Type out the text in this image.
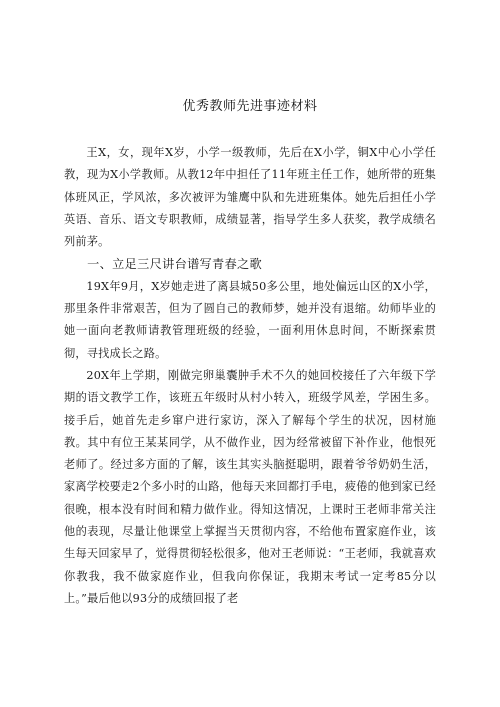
优秀教师先进事迹材料

王X，女，现年X岁，小学一级教师，先后在X小学，铜X中心小学任教，现为X小学教师。从教12年中担任了11年班主任工作，她所带的班集体班风正，学风浓，多次被评为雏鹰中队和先进班集体。她先后担任小学英语、音乐、语文专职教师，成绩显著，指导学生多人获奖，教学成绩名列前茅。

一、立足三尺讲台谱写青春之歌

19X年9月，X岁她走进了离县城50多公里，地处偏远山区的X小学，那里条件非常艰苦，但为了圆自己的教师梦，她并没有退缩。幼师毕业的她一面向老教师请教管理班级的经验，一面利用休息时间，不断探索贯彻，寻找成长之路。

20X年上学期，刚做完卵巢囊肿手术不久的她回校接任了六年级下学期的语文教学工作，该班五年级时从村小转入，班级学风差，学困生多。接手后，她首先走乡窜户进行家访，深入了解每个学生的状况，因材施教。其中有位王某某同学，从不做作业，因为经常被留下补作业，他恨死老师了。经过多方面的了解，该生其实头脑挺聪明，跟着爷爷奶奶生活，家离学校要走2个多小时的山路，他每天来回都打手电，疲倦的他到家已经很晚，根本没有时间和精力做作业。得知这情况，上课时王老师非常关注他的表现，尽量让他课堂上掌握当天贯彻内容，不给他布置家庭作业，该生每天回家早了，觉得贯彻轻松很多，他对王老师说：“王老师，我就喜欢你教我，我不做家庭作业，但我向你保证，我期末考试一定考85分以上。”最后他以93分的成绩回报了老
